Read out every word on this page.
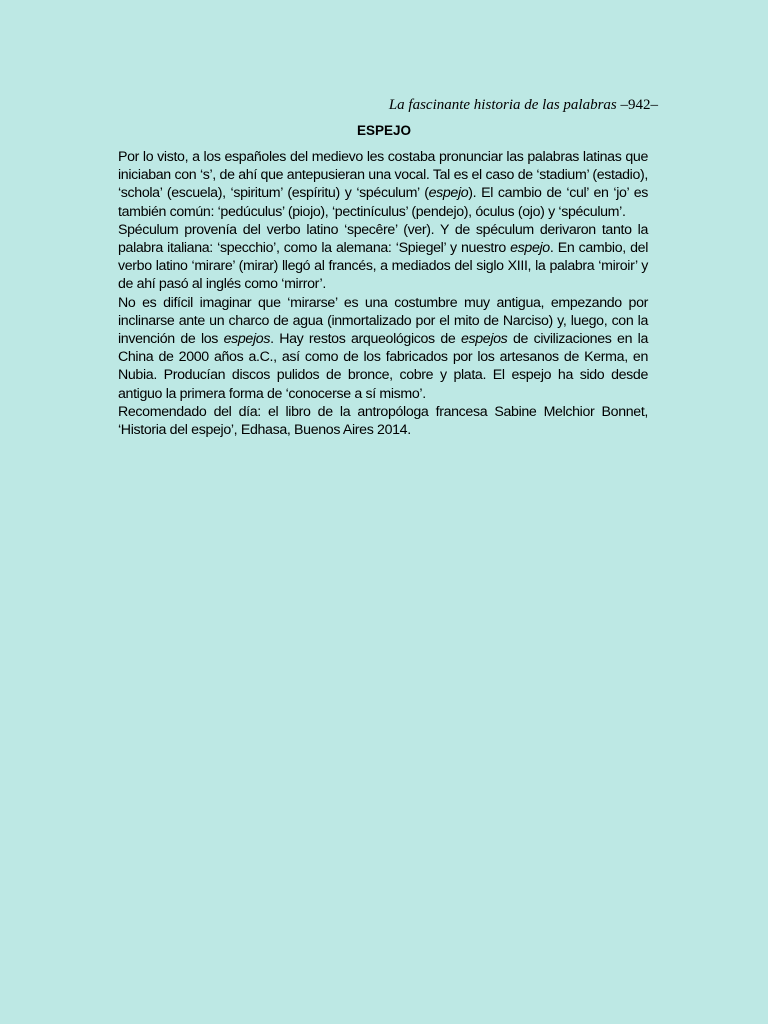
La fascinante historia de las palabras –942–
ESPEJO

Por lo visto, a los españoles del medievo les costaba pronunciar las palabras latinas que iniciaban con ‘s’, de ahí que antepusieran una vocal. Tal es el caso de ‘stadium’ (estadio), ‘schola’ (escuela), ‘spiritum’ (espíritu) y ‘spéculum’ (espejo). El cambio de ‘cul’ en ‘jo’ es también común: ‘pedúculus’ (piojo), ‘pectinículus’ (pendejo), óculus (ojo) y ‘spéculum’.

Spéculum provenía del verbo latino ‘specêre’ (ver). Y de spéculum derivaron tanto la palabra italiana: ‘specchio’, como la alemana: ‘Spiegel’ y nuestro espejo. En cambio, del verbo latino ‘mirare’ (mirar) llegó al francés, a mediados del siglo XIII, la palabra ‘miroir’ y de ahí pasó al inglés como ‘mirror’.

No es difícil imaginar que ‘mirarse’ es una costumbre muy antigua, empezando por inclinarse ante un charco de agua (inmortalizado por el mito de Narciso) y, luego, con la invención de los espejos. Hay restos arqueológicos de espejos de civilizaciones en la China de 2000 años a.C., así como de los fabricados por los artesanos de Kerma, en Nubia. Producían discos pulidos de bronce, cobre y plata. El espejo ha sido desde antiguo la primera forma de ‘conocerse a sí mismo’.

Recomendado del día: el libro de la antropóloga francesa Sabine Melchior Bonnet, ‘Historia del espejo’, Edhasa, Buenos Aires 2014.
